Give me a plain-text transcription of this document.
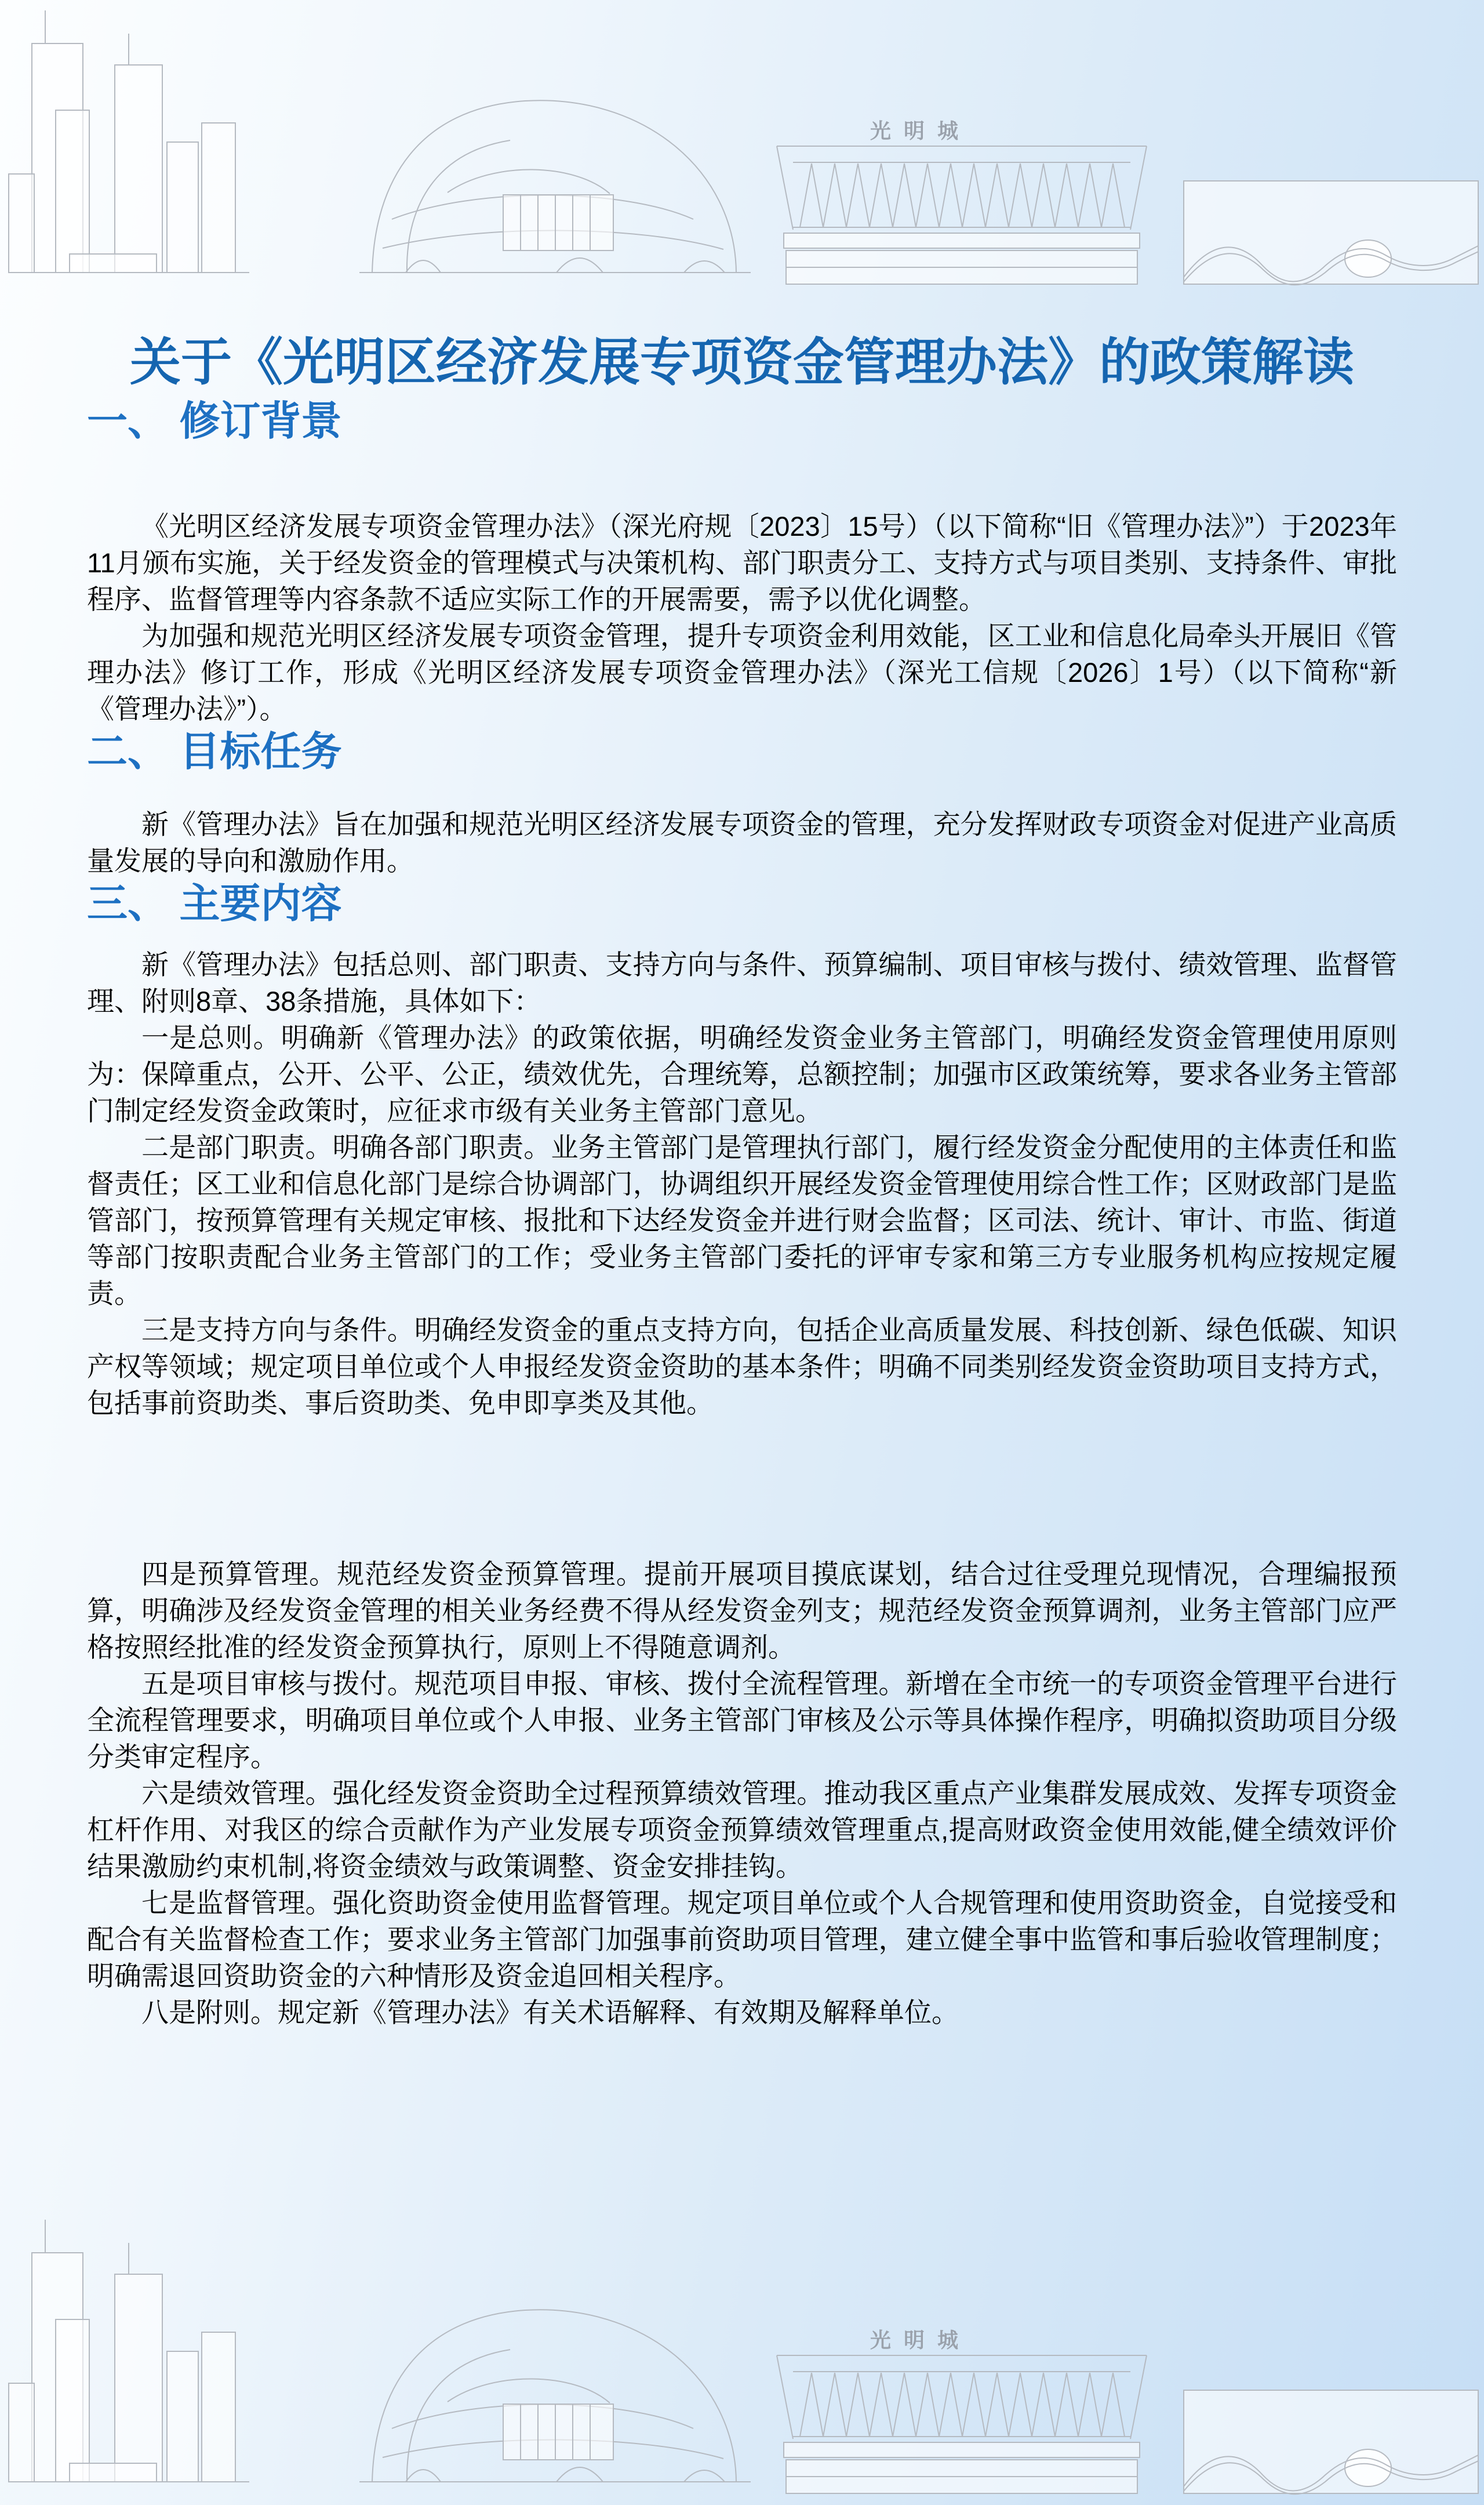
光明城
关于《光明区经济发展专项资金管理办法》的政策解读
一、 修订背景

《光明区经济发展专项资金管理办法》（深光府规〔2023〕15号）（以下简称“旧《管理办法》”）于2023年11月颁布实施，关于经发资金的管理模式与决策机构、部门职责分工、支持方式与项目类别、支持条件、审批程序、监督管理等内容条款不适应实际工作的开展需要，需予以优化调整。

为加强和规范光明区经济发展专项资金管理，提升专项资金利用效能，区工业和信息化局牵头开展旧《管理办法》修订工作，形成《光明区经济发展专项资金管理办法》（深光工信规〔2026〕1号）（以下简称“新《管理办法》”）。

二、 目标任务

新《管理办法》旨在加强和规范光明区经济发展专项资金的管理，充分发挥财政专项资金对促进产业高质量发展的导向和激励作用。

三、 主要内容

新《管理办法》包括总则、部门职责、支持方向与条件、预算编制、项目审核与拨付、绩效管理、监督管理、附则8章、38条措施，具体如下：

一是总则。明确新《管理办法》的政策依据，明确经发资金业务主管部门，明确经发资金管理使用原则为：保障重点，公开、公平、公正，绩效优先，合理统筹，总额控制；加强市区政策统筹，要求各业务主管部门制定经发资金政策时，应征求市级有关业务主管部门意见。

二是部门职责。明确各部门职责。业务主管部门是管理执行部门，履行经发资金分配使用的主体责任和监督责任；区工业和信息化部门是综合协调部门，协调组织开展经发资金管理使用综合性工作；区财政部门是监管部门，按预算管理有关规定审核、报批和下达经发资金并进行财会监督；区司法、统计、审计、市监、街道等部门按职责配合业务主管部门的工作；受业务主管部门委托的评审专家和第三方专业服务机构应按规定履责。

三是支持方向与条件。明确经发资金的重点支持方向，包括企业高质量发展、科技创新、绿色低碳、知识产权等领域；规定项目单位或个人申报经发资金资助的基本条件；明确不同类别经发资金资助项目支持方式，包括事前资助类、事后资助类、免申即享类及其他。

四是预算管理。规范经发资金预算管理。提前开展项目摸底谋划，结合过往受理兑现情况，合理编报预算，明确涉及经发资金管理的相关业务经费不得从经发资金列支；规范经发资金预算调剂，业务主管部门应严格按照经批准的经发资金预算执行，原则上不得随意调剂。

五是项目审核与拨付。规范项目申报、审核、拨付全流程管理。新增在全市统一的专项资金管理平台进行全流程管理要求，明确项目单位或个人申报、业务主管部门审核及公示等具体操作程序，明确拟资助项目分级分类审定程序。

六是绩效管理。强化经发资金资助全过程预算绩效管理。推动我区重点产业集群发展成效、发挥专项资金杠杆作用、对我区的综合贡献作为产业发展专项资金预算绩效管理重点,提高财政资金使用效能,健全绩效评价结果激励约束机制,将资金绩效与政策调整、资金安排挂钩。

七是监督管理。强化资助资金使用监督管理。规定项目单位或个人合规管理和使用资助资金，自觉接受和配合有关监督检查工作；要求业务主管部门加强事前资助项目管理，建立健全事中监管和事后验收管理制度；明确需退回资助资金的六种情形及资金追回相关程序。

八是附则。规定新《管理办法》有关术语解释、有效期及解释单位。

光明城
